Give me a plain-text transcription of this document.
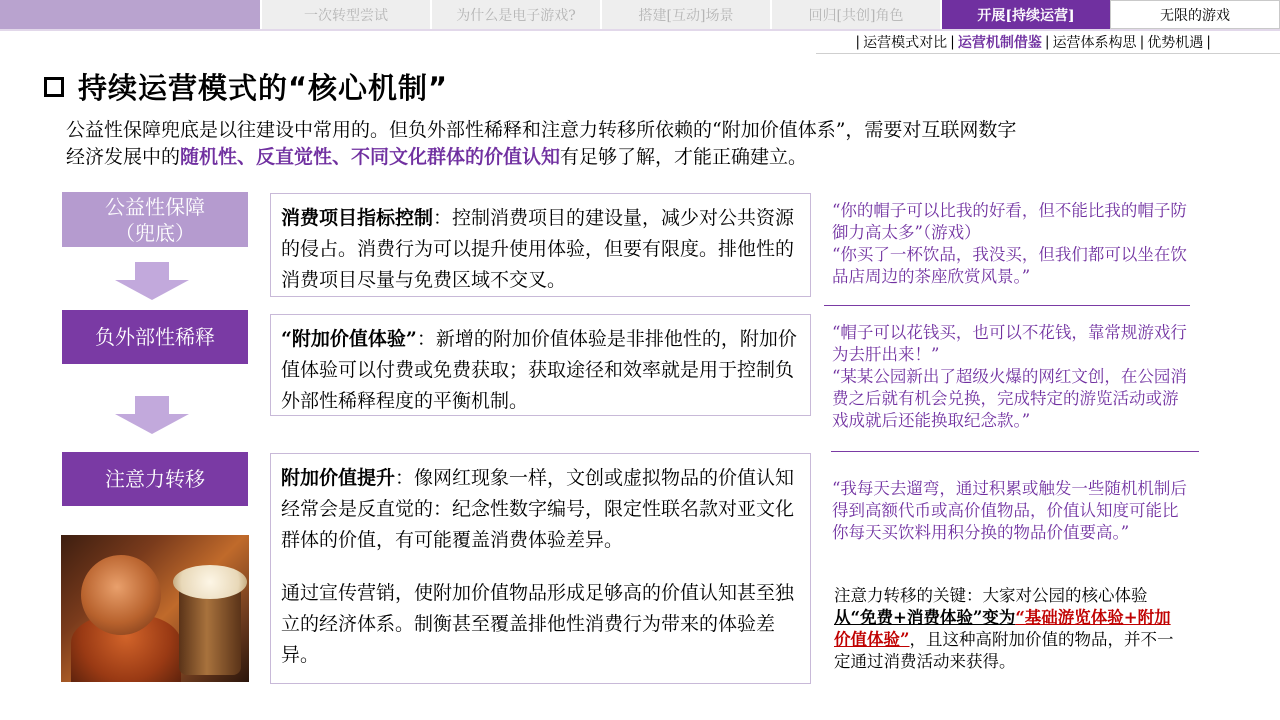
一次转型尝试	为什么是电子游戏?	搭建[互动]场景	回归[共创]角色	开展[持续运营]	无限的游戏
| 运营模式对比 | 运营机制借鉴 | 运营体系构思 | 优势机遇 |
持续运营模式的“核心机制”
公益性保障兜底是以往建设中常用的。但负外部性稀释和注意力转移所依赖的“附加价值体系”，需要对互联网数字
经济发展中的随机性、反直觉性、不同文化群体的价值认知有足够了解，才能正确建立。
公益性保障
（兜底）
负外部性稀释
注意力转移
消费项目指标控制：控制消费项目的建设量，减少对公共资源的侵占。消费行为可以提升使用体验，但要有限度。排他性的消费项目尽量与免费区域不交叉。
“附加价值体验”：新增的附加价值体验是非排他性的，附加价值体验可以付费或免费获取；获取途径和效率就是用于控制负外部性稀释程度的平衡机制。
附加价值提升：像网红现象一样，文创或虚拟物品的价值认知经常会是反直觉的：纪念性数字编号，限定性联名款对亚文化群体的价值，有可能覆盖消费体验差异。
通过宣传营销，使附加价值物品形成足够高的价值认知甚至独立的经济体系。制衡甚至覆盖排他性消费行为带来的体验差异。
“你的帽子可以比我的好看，但不能比我的帽子防御力高太多”（游戏）
“你买了一杯饮品，我没买，但我们都可以坐在饮品店周边的茶座欣赏风景。”
“帽子可以花钱买，也可以不花钱，靠常规游戏行为去肝出来！”
“某某公园新出了超级火爆的网红文创，在公园消费之后就有机会兑换，完成特定的游览活动或游戏成就后还能换取纪念款。”
“我每天去遛弯，通过积累或触发一些随机机制后得到高额代币或高价值物品，价值认知度可能比你每天买饮料用积分换的物品价值要高。”
注意力转移的关键：大家对公园的核心体验从“免费+消费体验”变为“基础游览体验+附加价值体验”，且这种高附加价值的物品，并不一定通过消费活动来获得。
